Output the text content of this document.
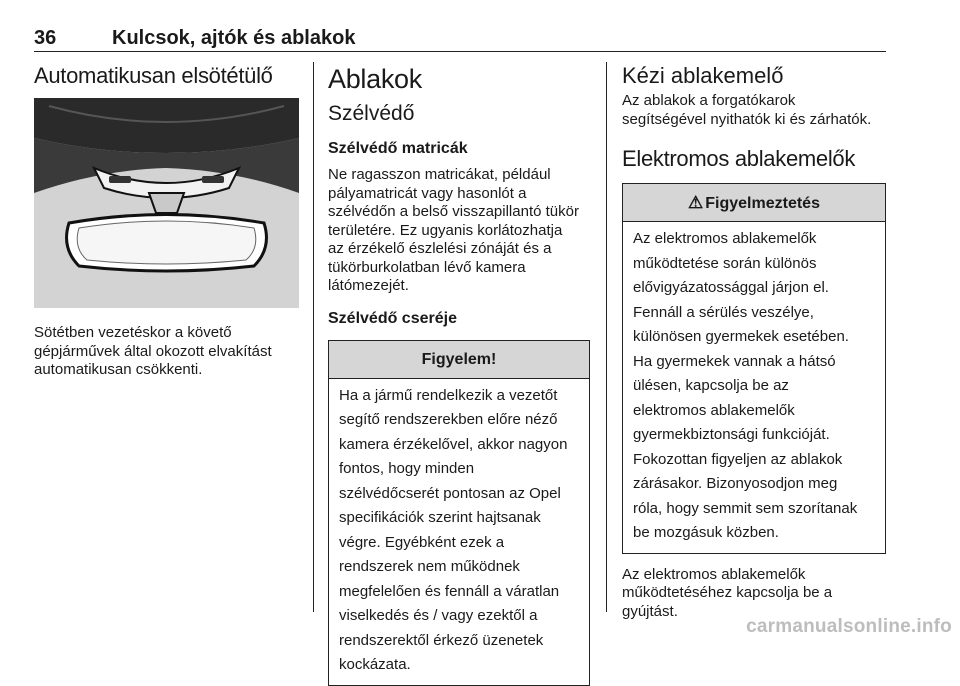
36	Kulcsok, ajtók és ablakok
Automatikusan elsötétülő

Sötétben vezetéskor a követő

gépjárművek által okozott elvakítást

automatikusan csökkenti.

Ablakok
Szélvédő
Szélvédő matricák

Ne ragasszon matricákat, például

pályamatricát vagy hasonlót a

szélvédőn a belső visszapillantó tükör

területére. Ez ugyanis korlátozhatja

az érzékelő észlelési zónáját és a

tükörburkolatban lévő kamera

látómezejét.

Szélvédő cseréje
Figyelem!

Ha a jármű rendelkezik a vezetőt

segítő rendszerekben előre néző

kamera érzékelővel, akkor nagyon

fontos, hogy minden

szélvédőcserét pontosan az Opel

specifikációk szerint hajtsanak

végre. Egyébként ezek a

rendszerek nem működnek

megfelelően és fennáll a váratlan

viselkedés és / vagy ezektől a

rendszerektől érkező üzenetek

kockázata.

Kézi ablakemelő

Az ablakok a forgatókarok

segítségével nyithatók ki és zárhatók.

Elektromos ablakemelők
⚠ Figyelmeztetés

Az elektromos ablakemelők

működtetése során különös

elővigyázatossággal járjon el.

Fennáll a sérülés veszélye,

különösen gyermekek esetében.

Ha gyermekek vannak a hátsó

ülésen, kapcsolja be az

elektromos ablakemelők

gyermekbiztonsági funkcióját.

Fokozottan figyeljen az ablakok

zárásakor. Bizonyosodjon meg

róla, hogy semmit sem szorítanak

be mozgásuk közben.

Az elektromos ablakemelők

működtetéséhez kapcsolja be a

gyújtást.

carmanualsonline.info
